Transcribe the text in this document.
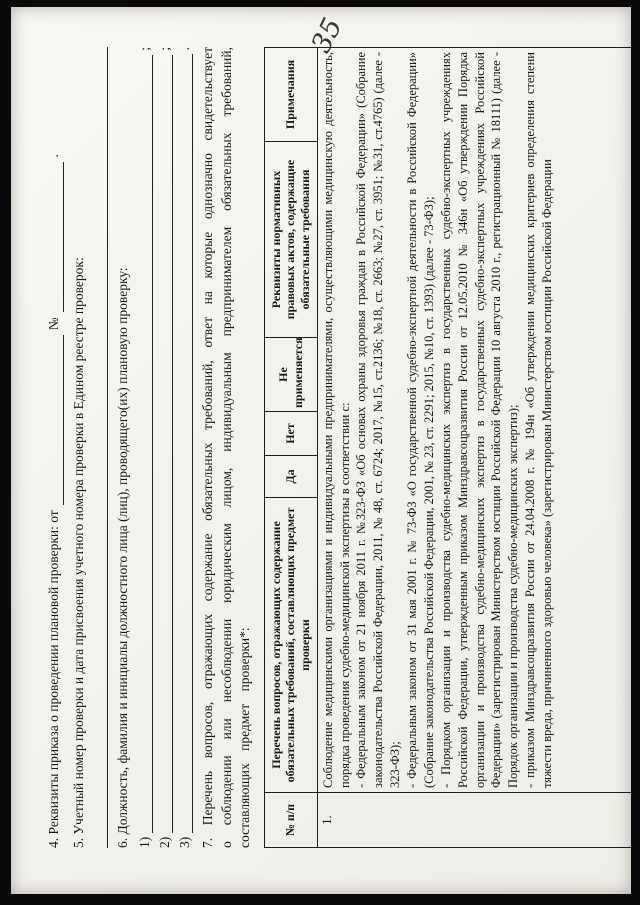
4. Реквизиты приказа о проведении плановой проверки: от
№
.
5. Учетный номер проверки и дата присвоения учетного номера проверки в Едином реестре проверок: 6. Должность, фамилия и инициалы должностного лица (лиц), проводящего(их) плановую проверку: 1)
;
2)
;
3)
. 7. Перечень вопросов, отражающих содержание обязательных требований, ответ на которые однозначно свидетельствует о соблюдении или несоблюдении юридическим лицом, индивидуальным предпринимателем обязательных требований, составляющих предмет проверки*:	№ п/п	Перечень вопросов, отражающих содержание обязательных требований, составляющих предмет проверки	Да	Нет	Не применяется	Реквизиты нормативных правовых актов, содержащие обязательные требования	Примечания
1.	Соблюдение медицинскими организациями и индивидуальными предпринимателями, осуществляющими медицинскую деятельность, порядка проведения судебно-медицинской экспертизы в соответствии с: - Федеральным законом от 21 ноября 2011 г. №323-ФЗ «Об основах охраны здоровья граждан в Российской Федерации» (Собрание законодательства Российской Федерации, 2011, № 48, ст. 6724; 2017, №15, ст.2136; №18, ст. 2663; №27, ст. 3951; №31, ст.4765) (далее - 323-ФЗ); - Федеральным законом от 31 мая 2001 г. № 73-ФЗ «О государственной судебно-экспертной деятельности в Российской Федерации» (Собрание законодательства Российской Федерации, 2001, № 23, ст. 2291; 2015, №10, ст. 1393) (далее - 73-ФЗ); - Порядком организации и производства судебно-медицинских экспертиз в государственных судебно-экспертных учреждениях Российской Федерации, утвержденным приказом Минздравсоцразвития России от 12.05.2010 № 346н «Об утверждении Порядка организации и производства судебно-медицинских экспертиз в государственных судебно-экспертных учреждениях Российской Федерации» (зарегистрирован Министерством юстиции Российской Федерации 10 августа 2010 г., регистрационный № 18111) (далее - Порядок организации и производства судебно-медицинских экспертиз); - приказом Минздравсоцразвития России от 24.04.2008 г. № 194н «Об утверждении медицинских критериев определения степени тяжести вреда, причиненного здоровью человека» (зарегистрирован Министерством юстиции Российской Федерации					

35
